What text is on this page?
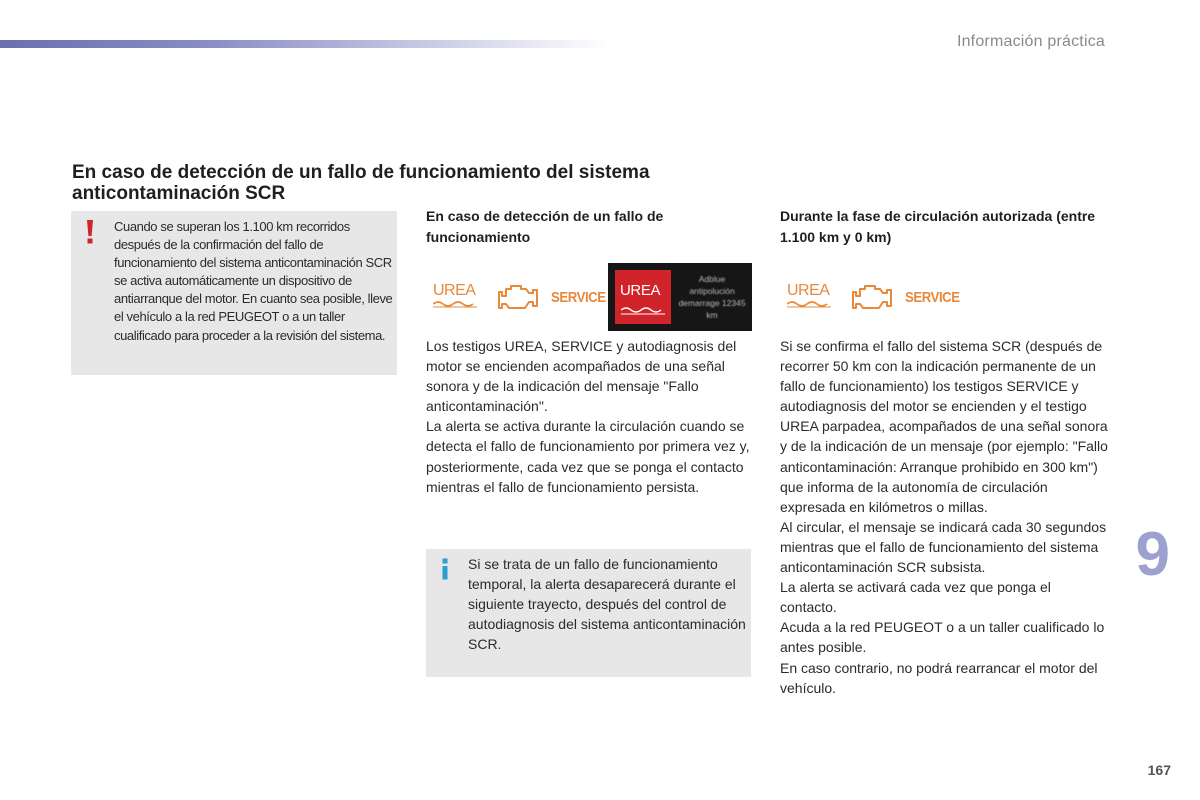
Información práctica
En caso de detección de un fallo de funcionamiento del sistema anticontaminación SCR
Cuando se superan los 1.100 km recorridos después de la confirmación del fallo de funcionamiento del sistema anticontaminación SCR se activa automáticamente un dispositivo de antiarranque del motor. En cuanto sea posible, lleve el vehículo a la red PEUGEOT o a un taller cualificado para proceder a la revisión del sistema.
En caso de detección de un fallo de funcionamiento
UREA	SERVICE UREA
Adblue antipolución demarrage 12345 km
Los testigos UREA, SERVICE y autodiagnosis del motor se encienden acompañados de una señal sonora y de la indicación del mensaje "Fallo anticontaminación".
La alerta se activa durante la circulación cuando se detecta el fallo de funcionamiento por primera vez y, posteriormente, cada vez que se ponga el contacto mientras el fallo de funcionamiento persista.
Si se trata de un fallo de funcionamiento temporal, la alerta desaparecerá durante el siguiente trayecto, después del control de autodiagnosis del sistema anticontaminación SCR.
Durante la fase de circulación autorizada (entre 1.100 km y 0 km)
UREA	SERVICE
Si se confirma el fallo del sistema SCR (después de recorrer 50 km con la indicación permanente de un fallo de funcionamiento) los testigos SERVICE y autodiagnosis del motor se encienden y el testigo UREA parpadea, acompañados de una señal sonora y de la indicación de un mensaje (por ejemplo: "Fallo anticontaminación: Arranque prohibido en 300 km") que informa de la autonomía de circulación expresada en kilómetros o millas.
Al circular, el mensaje se indicará cada 30 segundos mientras que el fallo de funcionamiento del sistema anticontaminación SCR subsista.
La alerta se activará cada vez que ponga el contacto.
Acuda a la red PEUGEOT o a un taller cualificado lo antes posible.
En caso contrario, no podrá rearrancar el motor del vehículo.
9
167
